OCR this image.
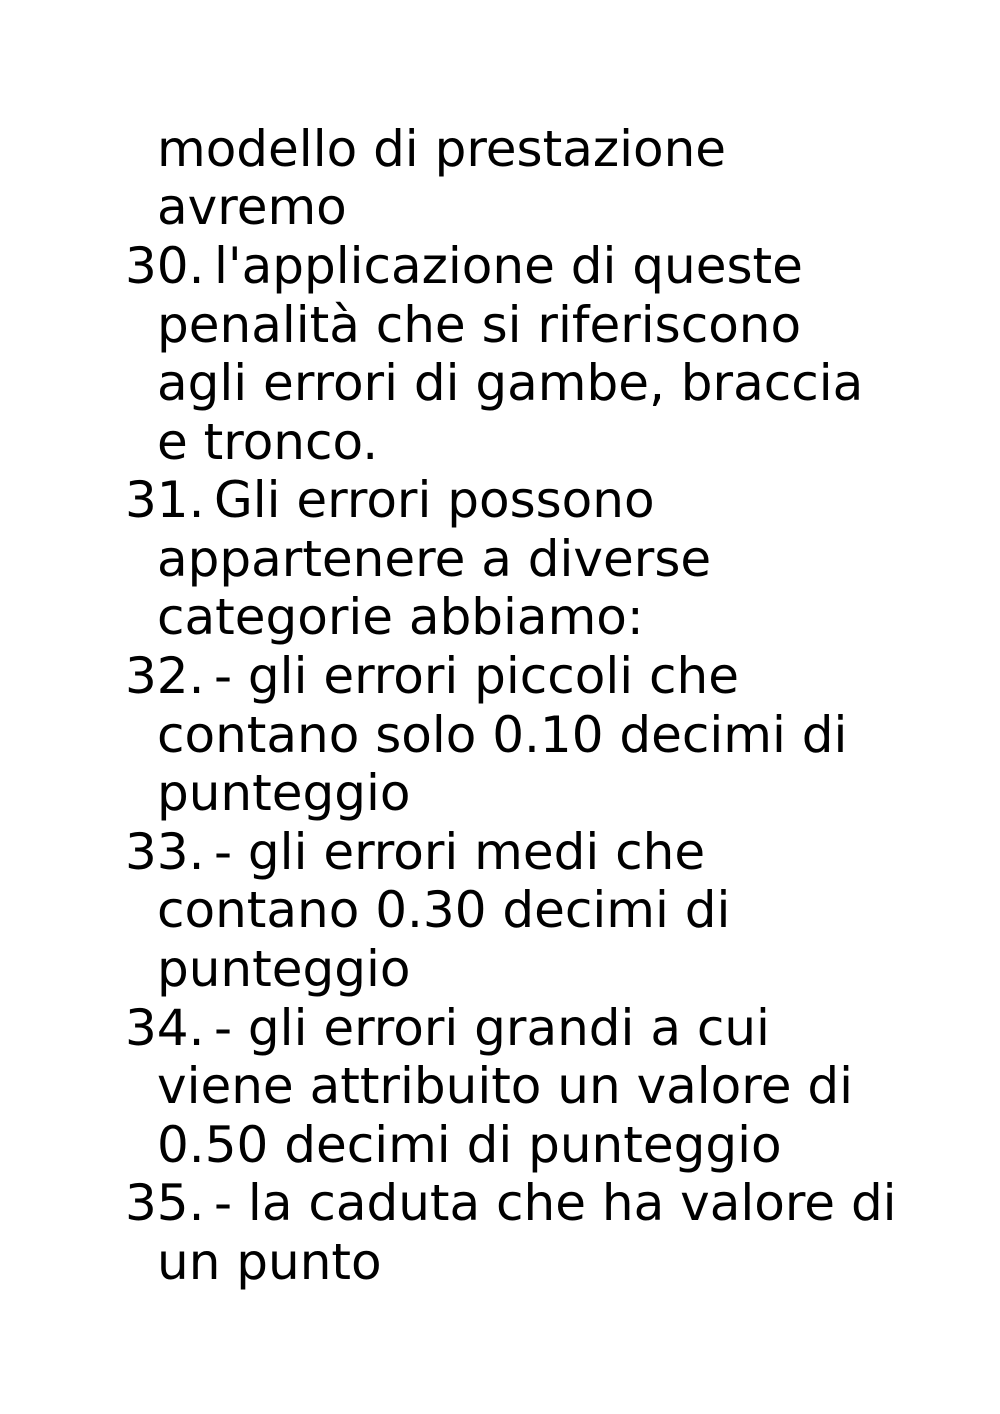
modello di prestazione
avremo
30. l'applicazione di queste
penalità che si riferiscono
agli errori di gambe, braccia
e tronco.
31. Gli errori possono
appartenere a diverse
categorie abbiamo:
32. - gli errori piccoli che
contano solo 0.10 decimi di
punteggio
33. - gli errori medi che
contano 0.30 decimi di
punteggio
34. - gli errori grandi a cui
viene attribuito un valore di
0.50 decimi di punteggio
35. - la caduta che ha valore di
un punto
